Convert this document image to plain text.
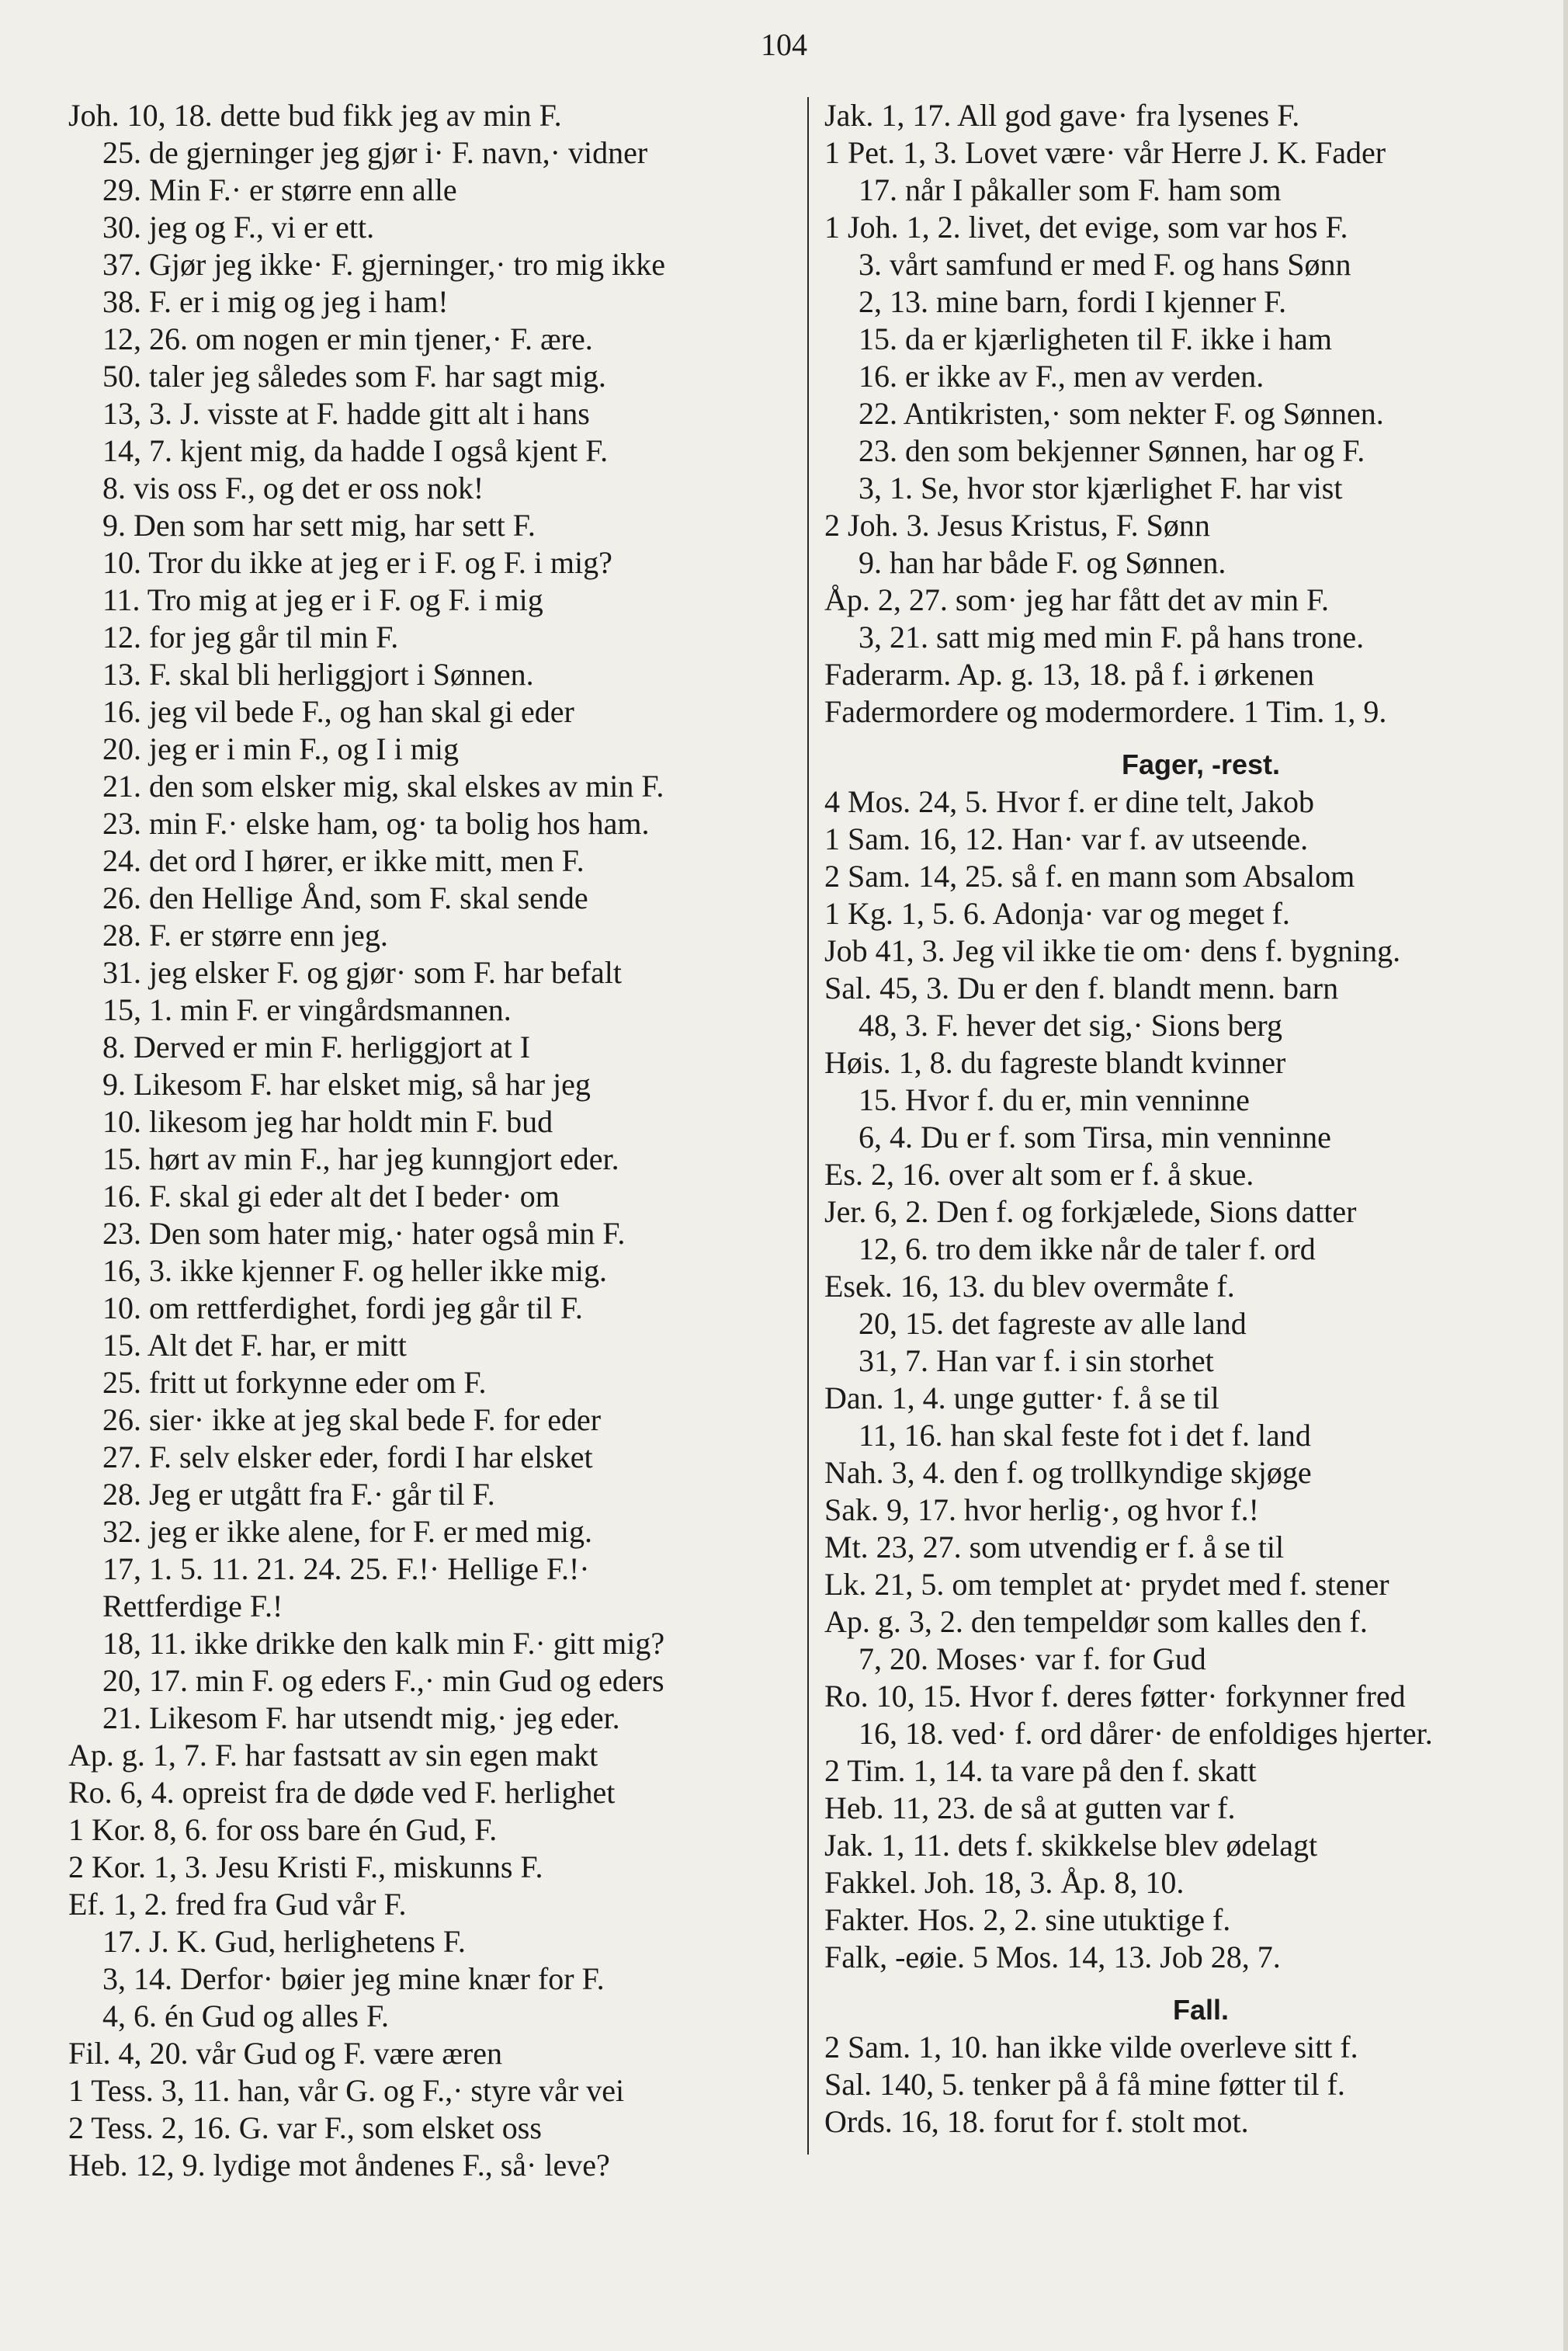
104
Joh. 10, 18. dette bud fikk jeg av min F.
25. de gjerninger jeg gjør i· F. navn,· vidner
29. Min F.· er større enn alle
30. jeg og F., vi er ett.
37. Gjør jeg ikke· F. gjerninger,· tro mig ikke
38. F. er i mig og jeg i ham!
12, 26. om nogen er min tjener,· F. ære.
50. taler jeg således som F. har sagt mig.
13, 3. J. visste at F. hadde gitt alt i hans
14, 7. kjent mig, da hadde I også kjent F.
8. vis oss F., og det er oss nok!
9. Den som har sett mig, har sett F.
10. Tror du ikke at jeg er i F. og F. i mig?
11. Tro mig at jeg er i F. og F. i mig
12. for jeg går til min F.
13. F. skal bli herliggjort i Sønnen.
16. jeg vil bede F., og han skal gi eder
20. jeg er i min F., og I i mig
21. den som elsker mig, skal elskes av min F.
23. min F.· elske ham, og· ta bolig hos ham.
24. det ord I hører, er ikke mitt, men F.
26. den Hellige Ånd, som F. skal sende
28. F. er større enn jeg.
31. jeg elsker F. og gjør· som F. har befalt
15, 1. min F. er vingårdsmannen.
8. Derved er min F. herliggjort at I
9. Likesom F. har elsket mig, så har jeg
10. likesom jeg har holdt min F. bud
15. hørt av min F., har jeg kunngjort eder.
16. F. skal gi eder alt det I beder· om
23. Den som hater mig,· hater også min F.
16, 3. ikke kjenner F. og heller ikke mig.
10. om rettferdighet, fordi jeg går til F.
15. Alt det F. har, er mitt
25. fritt ut forkynne eder om F.
26. sier· ikke at jeg skal bede F. for eder
27. F. selv elsker eder, fordi I har elsket
28. Jeg er utgått fra F.· går til F.
32. jeg er ikke alene, for F. er med mig.
17, 1. 5. 11. 21. 24. 25. F.!· Hellige F.!·
Rettferdige F.!
18, 11. ikke drikke den kalk min F.· gitt mig?
20, 17. min F. og eders F.,· min Gud og eders
21. Likesom F. har utsendt mig,· jeg eder.
Ap. g. 1, 7. F. har fastsatt av sin egen makt
Ro. 6, 4. opreist fra de døde ved F. herlighet
1 Kor. 8, 6. for oss bare én Gud, F.
2 Kor. 1, 3. Jesu Kristi F., miskunns F.
Ef. 1, 2. fred fra Gud vår F.
17. J. K. Gud, herlighetens F.
3, 14. Derfor· bøier jeg mine knær for F.
4, 6. én Gud og alles F.
Fil. 4, 20. vår Gud og F. være æren
1 Tess. 3, 11. han, vår G. og F.,· styre vår vei
2 Tess. 2, 16. G. var F., som elsket oss
Heb. 12, 9. lydige mot åndenes F., så· leve?
Jak. 1, 17. All god gave· fra lysenes F.
1 Pet. 1, 3. Lovet være· vår Herre J. K. Fader
17. når I påkaller som F. ham som
1 Joh. 1, 2. livet, det evige, som var hos F.
3. vårt samfund er med F. og hans Sønn
2, 13. mine barn, fordi I kjenner F.
15. da er kjærligheten til F. ikke i ham
16. er ikke av F., men av verden.
22. Antikristen,· som nekter F. og Sønnen.
23. den som bekjenner Sønnen, har og F.
3, 1. Se, hvor stor kjærlighet F. har vist
2 Joh. 3. Jesus Kristus, F. Sønn
9. han har både F. og Sønnen.
Åp. 2, 27. som· jeg har fått det av min F.
3, 21. satt mig med min F. på hans trone.
Faderarm. Ap. g. 13, 18. på f. i ørkenen
Fadermordere og modermordere. 1 Tim. 1, 9.
Fager, -rest.
4 Mos. 24, 5. Hvor f. er dine telt, Jakob
1 Sam. 16, 12. Han· var f. av utseende.
2 Sam. 14, 25. så f. en mann som Absalom
1 Kg. 1, 5. 6. Adonja· var og meget f.
Job 41, 3. Jeg vil ikke tie om· dens f. bygning.
Sal. 45, 3. Du er den f. blandt menn. barn
48, 3. F. hever det sig,· Sions berg
Høis. 1, 8. du fagreste blandt kvinner
15. Hvor f. du er, min venninne
6, 4. Du er f. som Tirsa, min venninne
Es. 2, 16. over alt som er f. å skue.
Jer. 6, 2. Den f. og forkjælede, Sions datter
12, 6. tro dem ikke når de taler f. ord
Esek. 16, 13. du blev overmåte f.
20, 15. det fagreste av alle land
31, 7. Han var f. i sin storhet
Dan. 1, 4. unge gutter· f. å se til
11, 16. han skal feste fot i det f. land
Nah. 3, 4. den f. og trollkyndige skjøge
Sak. 9, 17. hvor herlig·, og hvor f.!
Mt. 23, 27. som utvendig er f. å se til
Lk. 21, 5. om templet at· prydet med f. stener
Ap. g. 3, 2. den tempeldør som kalles den f.
7, 20. Moses· var f. for Gud
Ro. 10, 15. Hvor f. deres føtter· forkynner fred
16, 18. ved· f. ord dårer· de enfoldiges hjerter.
2 Tim. 1, 14. ta vare på den f. skatt
Heb. 11, 23. de så at gutten var f.
Jak. 1, 11. dets f. skikkelse blev ødelagt
Fakkel. Joh. 18, 3. Åp. 8, 10.
Fakter. Hos. 2, 2. sine utuktige f.
Falk, -eøie. 5 Mos. 14, 13. Job 28, 7.
Fall.
2 Sam. 1, 10. han ikke vilde overleve sitt f.
Sal. 140, 5. tenker på å få mine føtter til f.
Ords. 16, 18. forut for f. stolt mot.
